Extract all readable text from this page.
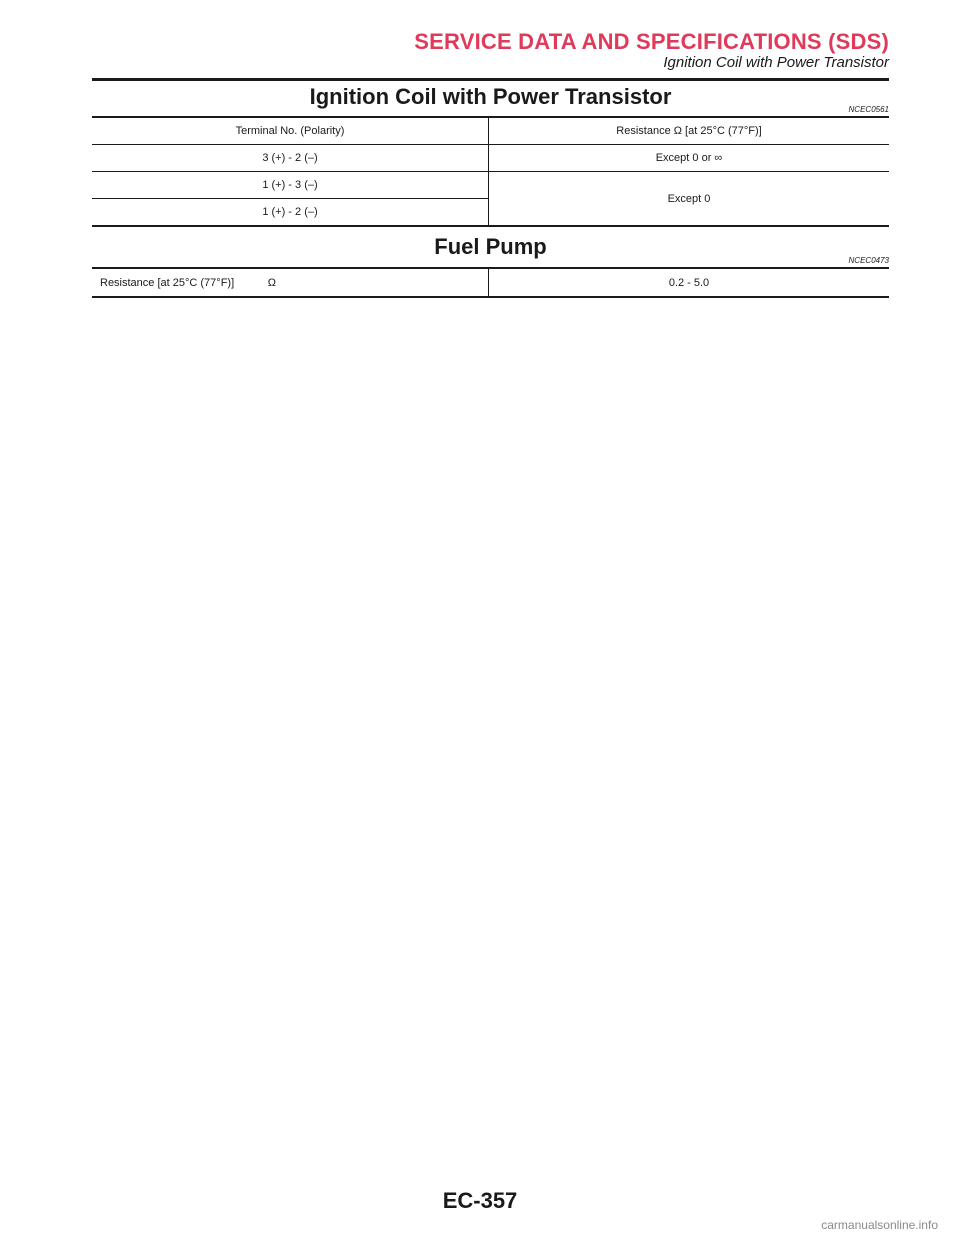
SERVICE DATA AND SPECIFICATIONS (SDS)
Ignition Coil with Power Transistor
Ignition Coil with Power Transistor
NCEC0561
Terminal No. (Polarity)	Resistance Ω [at 25°C (77°F)]
3 (+) - 2 (–)	Except 0 or ∞
1 (+) - 3 (–)	Except 0
1 (+) - 2 (–)	
Fuel Pump
NCEC0473
Resistance [at 25°C (77°F)]	Ω	0.2 - 5.0
EC-357
carmanualsonline.info
